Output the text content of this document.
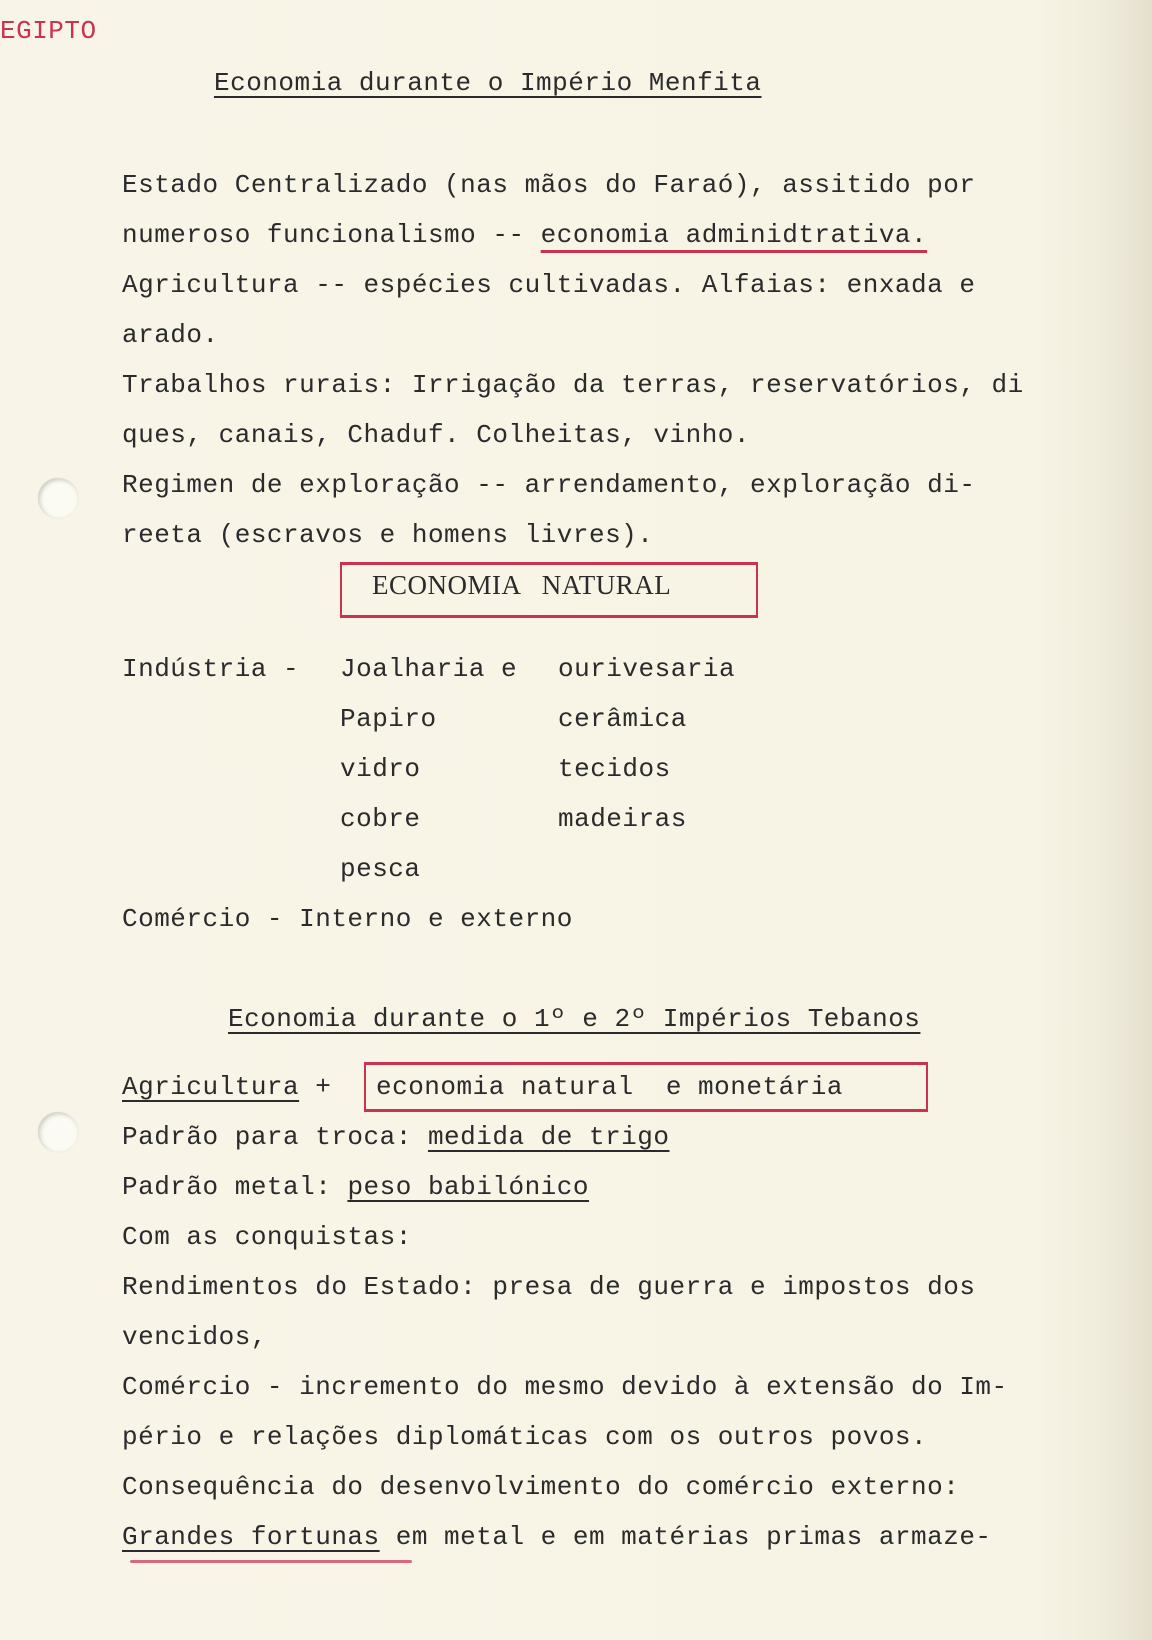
EGIPTO
Economia durante o Império Menfita
Estado Centralizado (nas mãos do Faraó), assitido por
numeroso funcionalismo -- economia adminidtrativa.
Agricultura -- espécies cultivadas. Alfaias: enxada e
arado.
Trabalhos rurais: Irrigação da terras, reservatórios, di
ques, canais, Chaduf. Colheitas, vinho.
Regimen de exploração -- arrendamento, exploração di-
reeta (escravos e homens livres).
ECONOMIA   NATURAL
Indústria - Joalharia e
Papiro
vidro
cobre
pesca
ourivesaria
cerâmica
tecidos
madeiras
Comércio - Interno e externo
Economia durante o 1º e 2º Impérios Tebanos
Agricultura + economia natural  e monetária
Padrão para troca: medida de trigo
Padrão metal: peso babilónico
Com as conquistas:
Rendimentos do Estado: presa de guerra e impostos dos
vencidos,
Comércio - incremento do mesmo devido à extensão do Im-
pério e relações diplomáticas com os outros povos.
Consequência do desenvolvimento do comércio externo:
Grandes fortunas em metal e em matérias primas armaze-
